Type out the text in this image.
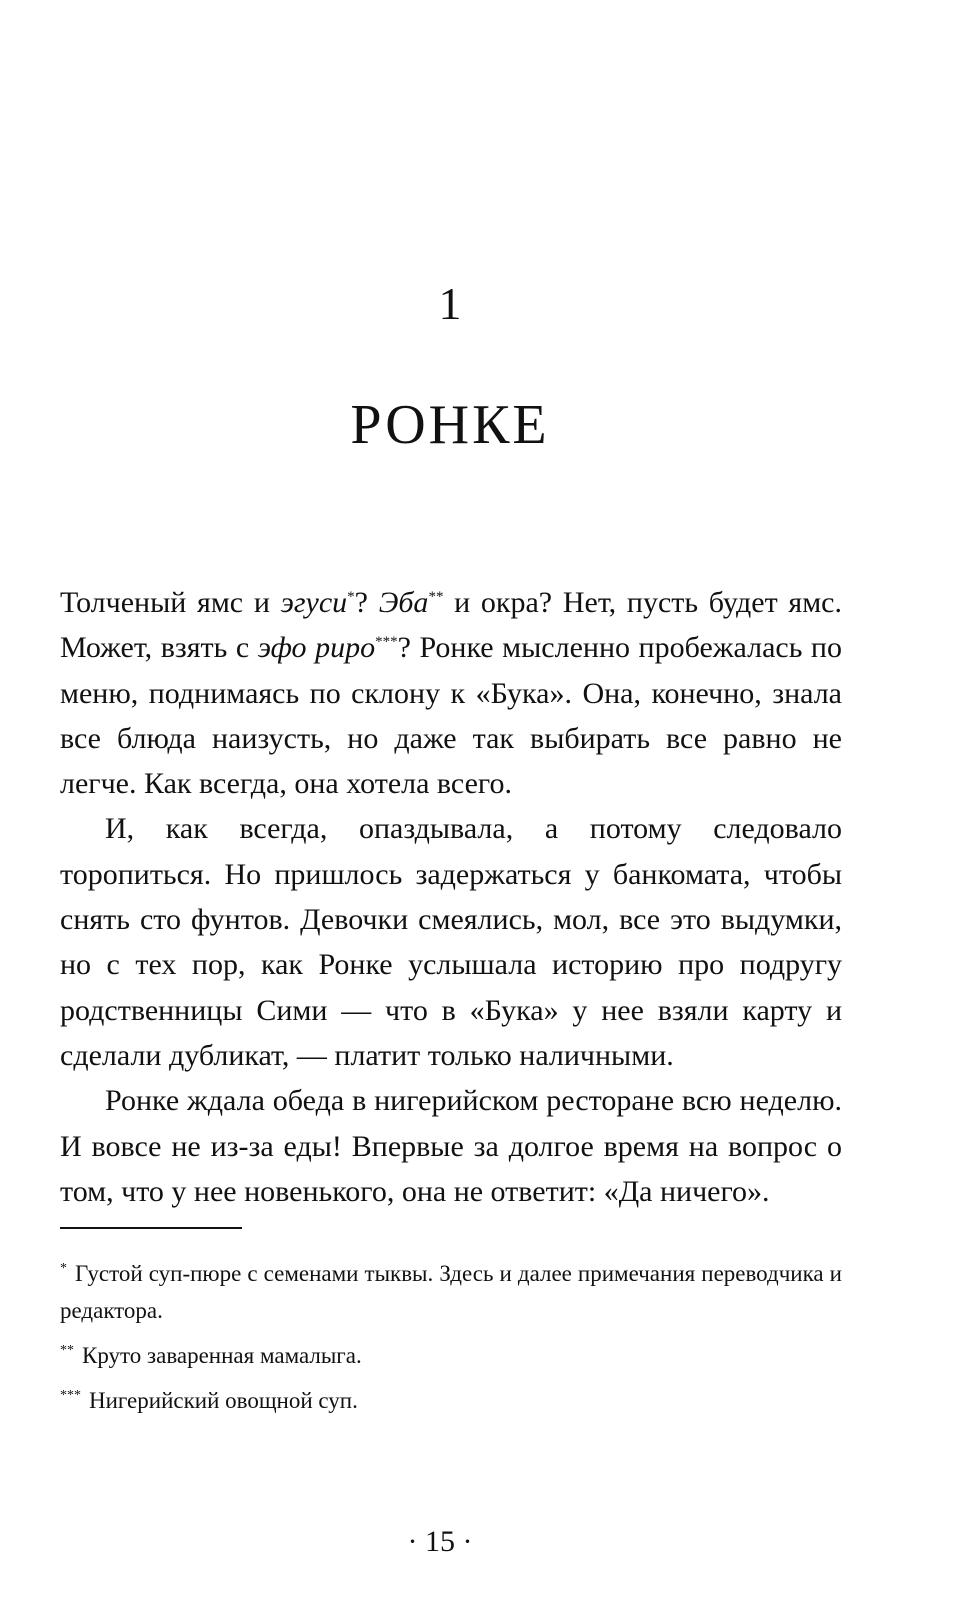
1
РОНКЕ

Толченый ямс и эгуси*? Эба** и окра? Нет, пусть будет ямс. Может, взять с эфо риро***? Ронке мысленно пробежалась по меню, поднимаясь по склону к «Бука». Она, конечно, знала все блюда наизусть, но даже так выбирать все равно не легче. Как всегда, она хотела всего.

И, как всегда, опаздывала, а потому следовало торопиться. Но пришлось задержаться у банкомата, чтобы снять сто фунтов. Девочки смеялись, мол, все это выдумки, но с тех пор, как Ронке услышала историю про подругу родственницы Сими — что в «Бука» у нее взяли карту и сделали дубликат, — платит только наличными.

Ронке ждала обеда в нигерийском ресторане всю неделю. И вовсе не из-за еды! Впервые за долгое время на вопрос о том, что у нее новенького, она не ответит: «Да ничего».

* Густой суп-пюре с семенами тыквы. Здесь и далее примечания переводчика и редактора.
** Круто заваренная мамалыга.
*** Нигерийский овощной суп.
· 15 ·
